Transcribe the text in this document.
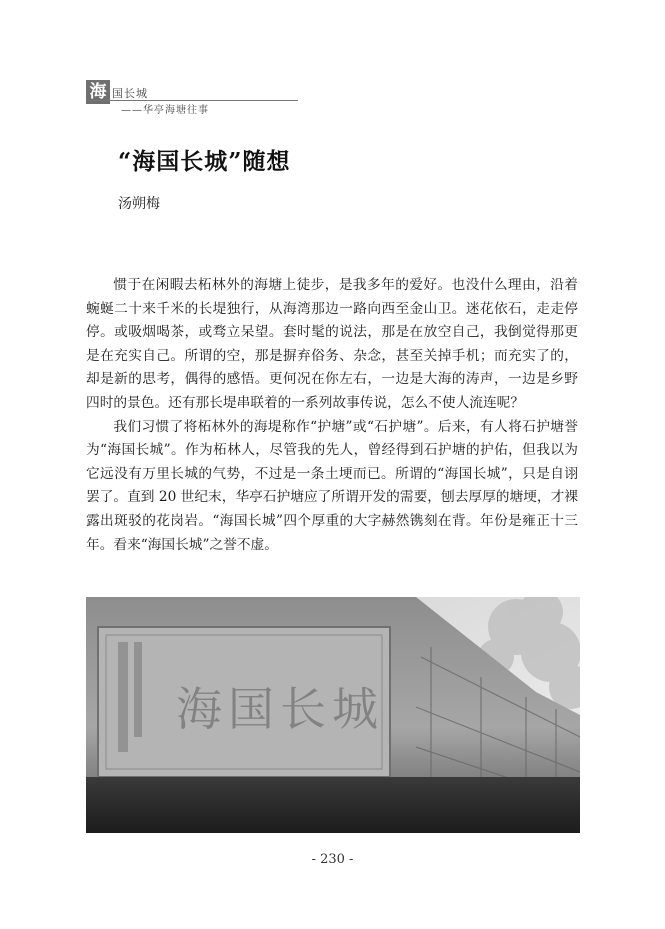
海 国长城
——华亭海塘往事
“海国长城”随想
汤朔梅

惯于在闲暇去柘林外的海塘上徒步，是我多年的爱好。也没什么理由，沿着蜿蜒二十来千米的长堤独行，从海湾那边一路向西至金山卫。迷花依石，走走停停。或吸烟喝茶，或骛立呆望。套时髦的说法，那是在放空自己，我倒觉得那更是在充实自己。所谓的空，那是摒弃俗务、杂念，甚至关掉手机；而充实了的，却是新的思考，偶得的感悟。更何况在你左右，一边是大海的涛声，一边是乡野四时的景色。还有那长堤串联着的一系列故事传说，怎么不使人流连呢？

我们习惯了将柘林外的海堤称作“护塘”或“石护塘”。后来，有人将石护塘誉为“海国长城”。作为柘林人，尽管我的先人，曾经得到石护塘的护佑，但我以为它远没有万里长城的气势，不过是一条土埂而已。所谓的“海国长城”，只是自诩罢了。直到 20 世纪末，华亭石护塘应了所谓开发的需要，刨去厚厚的塘埂，才裸露出斑驳的花岗岩。“海国长城”四个厚重的大字赫然镌刻在背。年份是雍正十三年。看来“海国长城”之誉不虚。

海国长城
- 230 -
